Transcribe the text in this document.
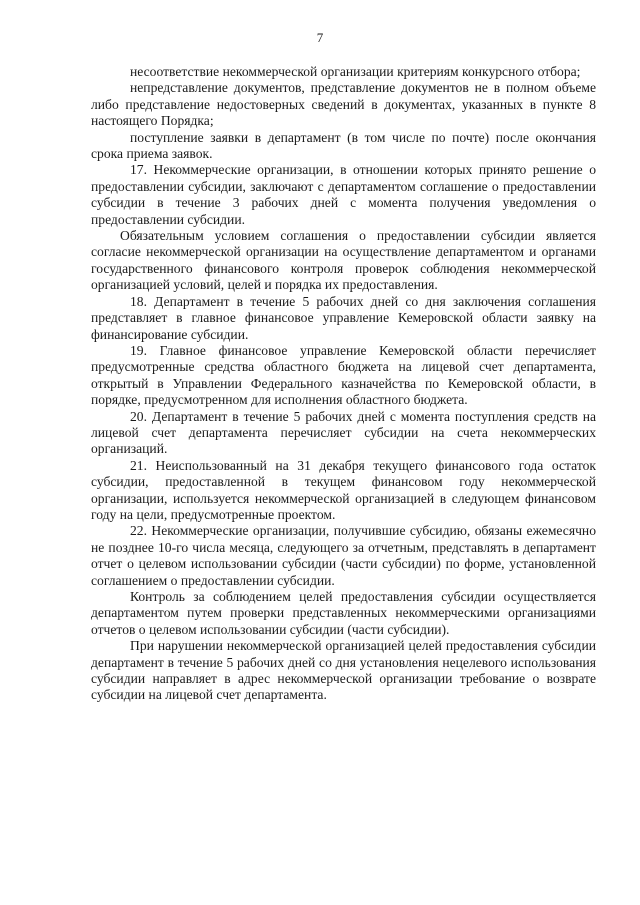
7

несоответствие некоммерческой организации критериям конкурсного отбора;

непредставление документов, представление документов не в полном объеме либо представление недостоверных сведений в документах, указанных в пункте 8 настоящего Порядка;

поступление заявки в департамент (в том числе по почте) после окончания срока приема заявок.

17. Некоммерческие организации, в отношении которых принято решение о предоставлении субсидии, заключают с департаментом соглашение о предоставлении субсидии в течение 3 рабочих дней с момента получения уведомления о предоставлении субсидии.

Обязательным условием соглашения о предоставлении субсидии является согласие некоммерческой организации на осуществление департаментом и органами государственного финансового контроля проверок соблюдения некоммерческой организацией условий, целей и порядка их предоставления.

18. Департамент в течение 5 рабочих дней со дня заключения соглашения представляет в главное финансовое управление Кемеровской области заявку на финансирование субсидии.

19. Главное финансовое управление Кемеровской области перечисляет предусмотренные средства областного бюджета на лицевой счет департамента, открытый в Управлении Федерального казначейства по Кемеровской области, в порядке, предусмотренном для исполнения областного бюджета.

20. Департамент в течение 5 рабочих дней с момента поступления средств на лицевой счет департамента перечисляет субсидии на счета некоммерческих организаций.

21. Неиспользованный на 31 декабря текущего финансового года остаток субсидии, предоставленной в текущем финансовом году некоммерческой организации, используется некоммерческой организацией в следующем финансовом году на цели, предусмотренные проектом.

22. Некоммерческие организации, получившие субсидию, обязаны ежемесячно не позднее 10-го числа месяца, следующего за отчетным, представлять в департамент отчет о целевом использовании субсидии (части субсидии) по форме, установленной соглашением о предоставлении субсидии.

Контроль за соблюдением целей предоставления субсидии осуществляется департаментом путем проверки представленных некоммерческими организациями отчетов о целевом использовании субсидии (части субсидии).

При нарушении некоммерческой организацией целей предоставления субсидии департамент в течение 5 рабочих дней со дня установления нецелевого использования субсидии направляет в адрес некоммерческой организации требование о возврате субсидии на лицевой счет департамента.
